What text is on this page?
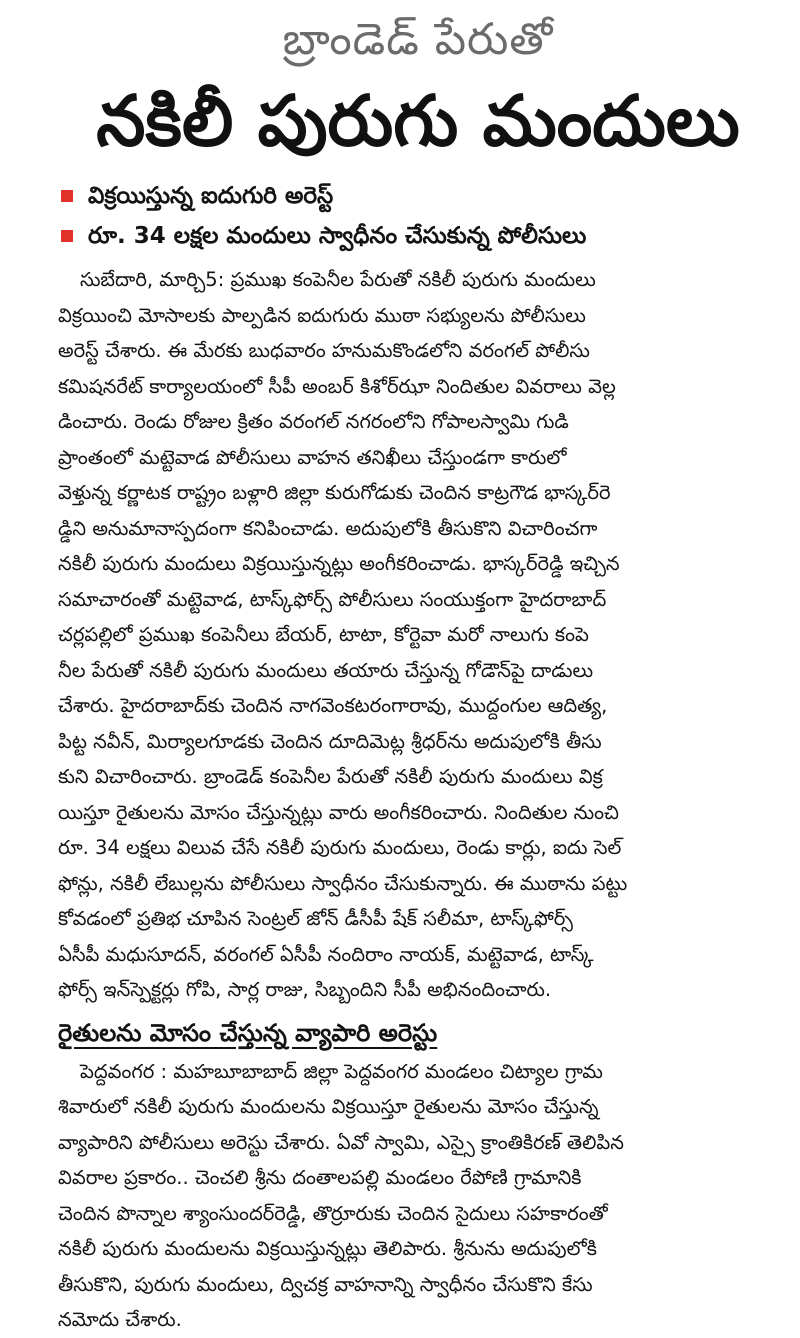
బ్రాండెడ్ పేరుతో

నకిలీ పురుగు మందులు
విక్రయిస్తున్న ఐదుగురి అరెస్ట్
రూ. 34 లక్షల మందులు స్వాధీనం చేసుకున్న పోలీసులు
సుబేదారి, మార్చి5: ప్రముఖ కంపెనీల పేరుతో నకిలీ పురుగు మందులు
విక్రయించి మోసాలకు పాల్పడిన ఐదుగురు ముఠా సభ్యులను పోలీసులు
అరెస్ట్ చేశారు. ఈ మేరకు బుధవారం హనుమకొండలోని వరంగల్ పోలీసు
కమిషనరేట్ కార్యాలయంలో సీపీ అంబర్ కిశోర్‌ఝా నిందితుల వివరాలు వెల్ల
డించారు. రెండు రోజుల క్రితం వరంగల్ నగరంలోని గోపాలస్వామి గుడి
ప్రాంతంలో మట్టెవాడ పోలీసులు వాహన తనిఖీలు చేస్తుండగా కారులో
వెళ్తున్న కర్ణాటక రాష్ట్రం బళ్లారి జిల్లా కురుగోడుకు చెందిన కాట్రగౌడ భాస్కర్‌రె
డ్డిని అనుమానాస్పదంగా కనిపించాడు. అదుపులోకి తీసుకొని విచారించగా
నకిలీ పురుగు మందులు విక్రయిస్తున్నట్లు అంగీకరించాడు. భాస్కర్‌రెడ్డి ఇచ్చిన
సమాచారంతో మట్టెవాడ, టాస్క్‌ఫోర్స్ పోలీసులు సంయుక్తంగా హైదరాబాద్
చర్లపల్లిలో ప్రముఖ కంపెనీలు బేయర్, టాటా, కోర్టెవా మరో నాలుగు కంపె
నీల పేరుతో నకిలీ పురుగు మందులు తయారు చేస్తున్న గోడౌన్‌పై దాడులు
చేశారు. హైదరాబాద్‌కు చెందిన నాగవెంకటరంగారావు, ముద్దంగుల ఆదిత్య,
పిట్ట నవీన్, మిర్యాలగూడకు చెందిన దూదిమెట్ల శ్రీధర్‌ను అదుపులోకి తీసు
కుని విచారించారు. బ్రాండెడ్ కంపెనీల పేరుతో నకిలీ పురుగు మందులు విక్ర
యిస్తూ రైతులను మోసం చేస్తున్నట్లు వారు అంగీకరించారు. నిందితుల నుంచి
రూ. 34 లక్షలు విలువ చేసే నకిలీ పురుగు మందులు, రెండు కార్లు, ఐదు సెల్
ఫోన్లు, నకిలీ లేబుల్లను పోలీసులు స్వాధీనం చేసుకున్నారు. ఈ ముఠాను పట్టు
కోవడంలో ప్రతిభ చూపిన సెంట్రల్ జోన్ డీసీపీ షేక్ సలీమా, టాస్క్‌ఫోర్స్
ఏసీపీ మధుసూదన్, వరంగల్ ఏసీపీ నందిరాం నాయక్, మట్టెవాడ, టాస్క్
ఫోర్స్ ఇన్‌స్పెక్టర్లు గోపి, సార్ల రాజు, సిబ్బందిని సీపీ అభినందించారు.
రైతులను మోసం చేస్తున్న వ్యాపారి అరెస్టు
పెద్దవంగర : మహబూబాబాద్ జిల్లా పెద్దవంగర మండలం చిట్యాల గ్రామ
శివారులో నకిలీ పురుగు మందులను విక్రయిస్తూ రైతులను మోసం చేస్తున్న
వ్యాపారిని పోలీసులు అరెస్టు చేశారు. ఏవో స్వామి, ఎస్సై క్రాంతికిరణ్ తెలిపిన
వివరాల ప్రకారం.. చెంచలి శ్రీను దంతాలపల్లి మండలం రేపోణి గ్రామానికి
చెందిన పొన్నాల శ్యాంసుందర్‌రెడ్డి, తొర్రూరుకు చెందిన సైదులు సహకారంతో
నకిలీ పురుగు మందులను విక్రయిస్తున్నట్లు తెలిపారు. శ్రీనును అదుపులోకి
తీసుకొని, పురుగు మందులు, ద్విచక్ర వాహనాన్ని స్వాధీనం చేసుకొని కేసు
నమోదు చేశారు.
